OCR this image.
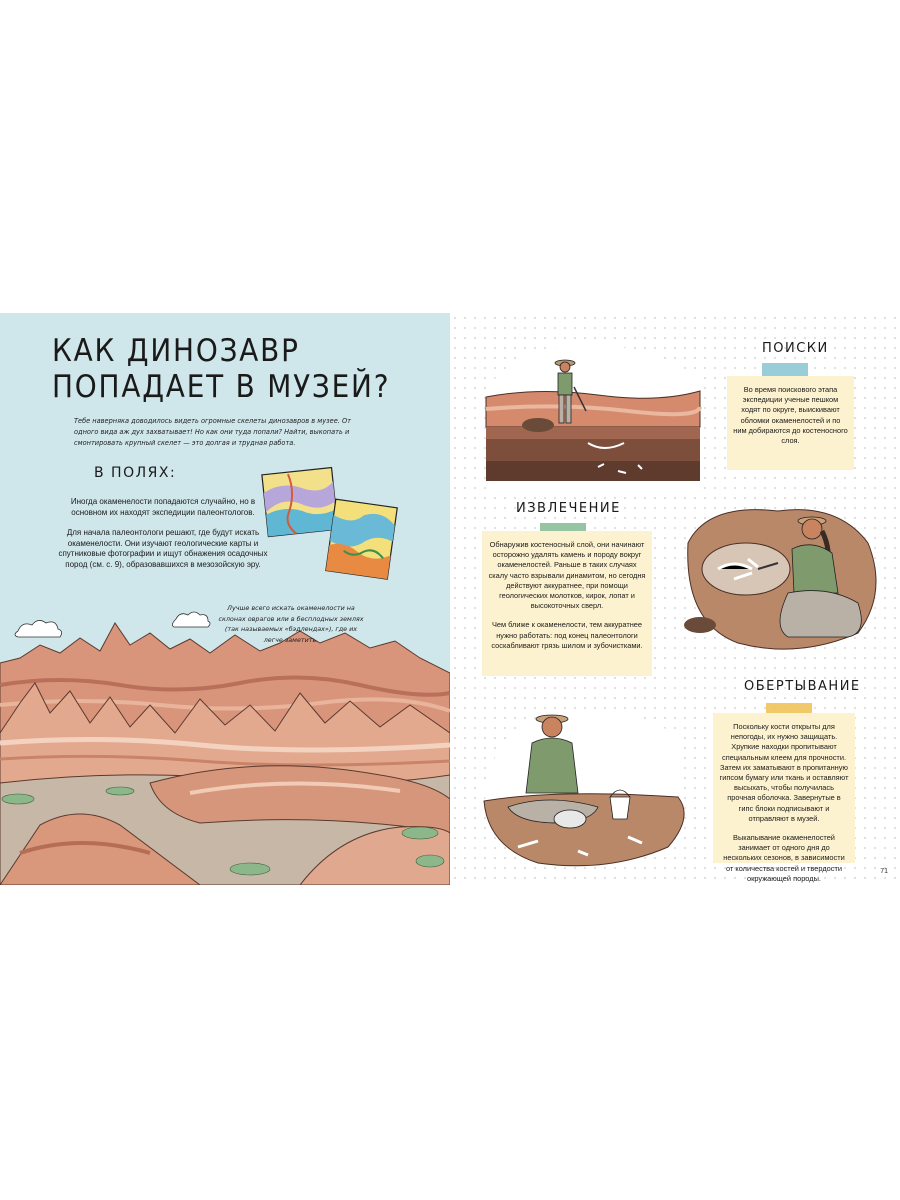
КАК ДИНОЗАВР
ПОПАДАЕТ В МУЗЕЙ?

Тебе наверняка доводилось видеть огромные скелеты динозавров в музее. От одного вида аж дух захватывает! Но как они туда попали? Найти, выкопать и смонтировать крупный скелет — это долгая и трудная работа.

В ПОЛЯХ:

Иногда окаменелости попадаются случайно, но в основном их находят экспедиции палеонтологов.

Для начала палеонтологи решают, где будут искать окаменелости. Они изучают геологические карты и спутниковые фотографии и ищут обнажения осадочных пород (см. с. 9), образовавшихся в мезозойскую эру.

Лучше всего искать окаменелости на склонах оврагов или в бесплодных землях (так называемых «бэдлендах»), где их легче заметить.

ПОИСКИ

Во время поискового этапа экспедиции ученые пешком ходят по округе, выискивают обломки окаменелостей и по ним добираются до костеносного слоя.

ИЗВЛЕЧЕНИЕ

Обнаружив костеносный слой, они начинают осторожно удалять камень и породу вокруг окаменелостей. Раньше в таких случаях скалу часто взрывали динамитом, но сегодня действуют аккуратнее, при помощи геологических молотков, кирок, лопат и высокоточных сверл.

Чем ближе к окаменелости, тем аккуратнее нужно работать: под конец палеонтологи соскабливают грязь шилом и зубочистками.

ОБЕРТЫВАНИЕ

Поскольку кости открыты для непогоды, их нужно защищать. Хрупкие находки пропитывают специальным клеем для прочности. Затем их заматывают в пропитанную гипсом бумагу или ткань и оставляют высыхать, чтобы получилась прочная оболочка. Завернутые в гипс блоки подписывают и отправляют в музей.

Выкапывание окаменелостей занимает от одного дня до нескольких сезонов, в зависимости от количества костей и твердости окружающей породы.

71
